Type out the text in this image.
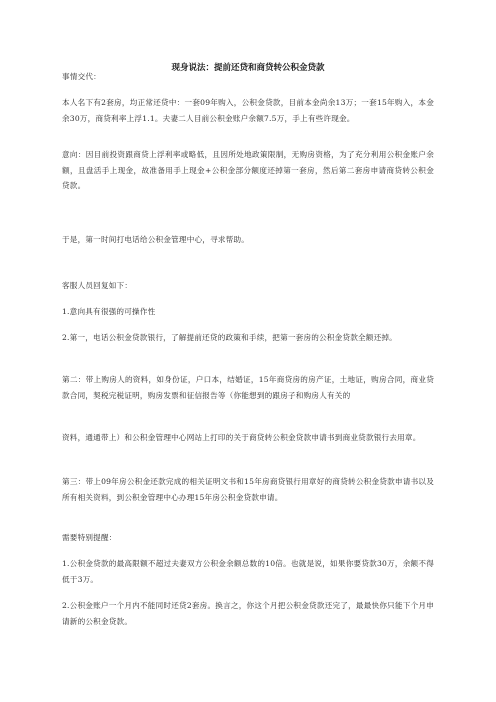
现身说法：提前还贷和商贷转公积金贷款
事情交代：
本人名下有2套房，均正常还贷中：一套09年购入，公积金贷款，目前本金尚余13万；一套15年购入，本金余30万，商贷利率上浮1.1。夫妻二人目前公积金账户余额7.5万，手上有些许现金。
意向：因目前投资跟商贷上浮利率或略低，且因所处地政策限制，无购房资格，为了充分利用公积金账户余额，且盘活手上现金，故准备用手上现金+公积金部分额度还掉第一套房，然后第二套房申请商贷转公积金贷款。
于是，第一时间打电话给公积金管理中心，寻求帮助。
客服人员回复如下：
1.意向具有很强的可操作性
2.第一，电话公积金贷款银行，了解提前还贷的政策和手续，把第一套房的公积金贷款全额还掉。
第二：带上购房人的资料，如身份证，户口本，结婚证，15年商贷房的房产证，土地证，购房合同，商业贷款合同，契税完税证明，购房发票和征信报告等（你能想到的跟房子和购房人有关的
资料，通通带上）和公积金管理中心网站上打印的关于商贷转公积金贷款申请书到商业贷款银行去用章。
第三：带上09年房公积金还款完成的相关证明文书和15年房商贷银行用章好的商贷转公积金贷款申请书以及所有相关资料，到公积金管理中心办理15年房公积金贷款申请。
需要特别提醒：
1.公积金贷款的最高限额不超过夫妻双方公积金余额总数的10倍。也就是说，如果你要贷款30万，余额不得低于3万。
2.公积金账户一个月内不能同时还贷2套房。换言之，你这个月把公积金贷款还完了，最最快你只能下个月申请新的公积金贷款。
